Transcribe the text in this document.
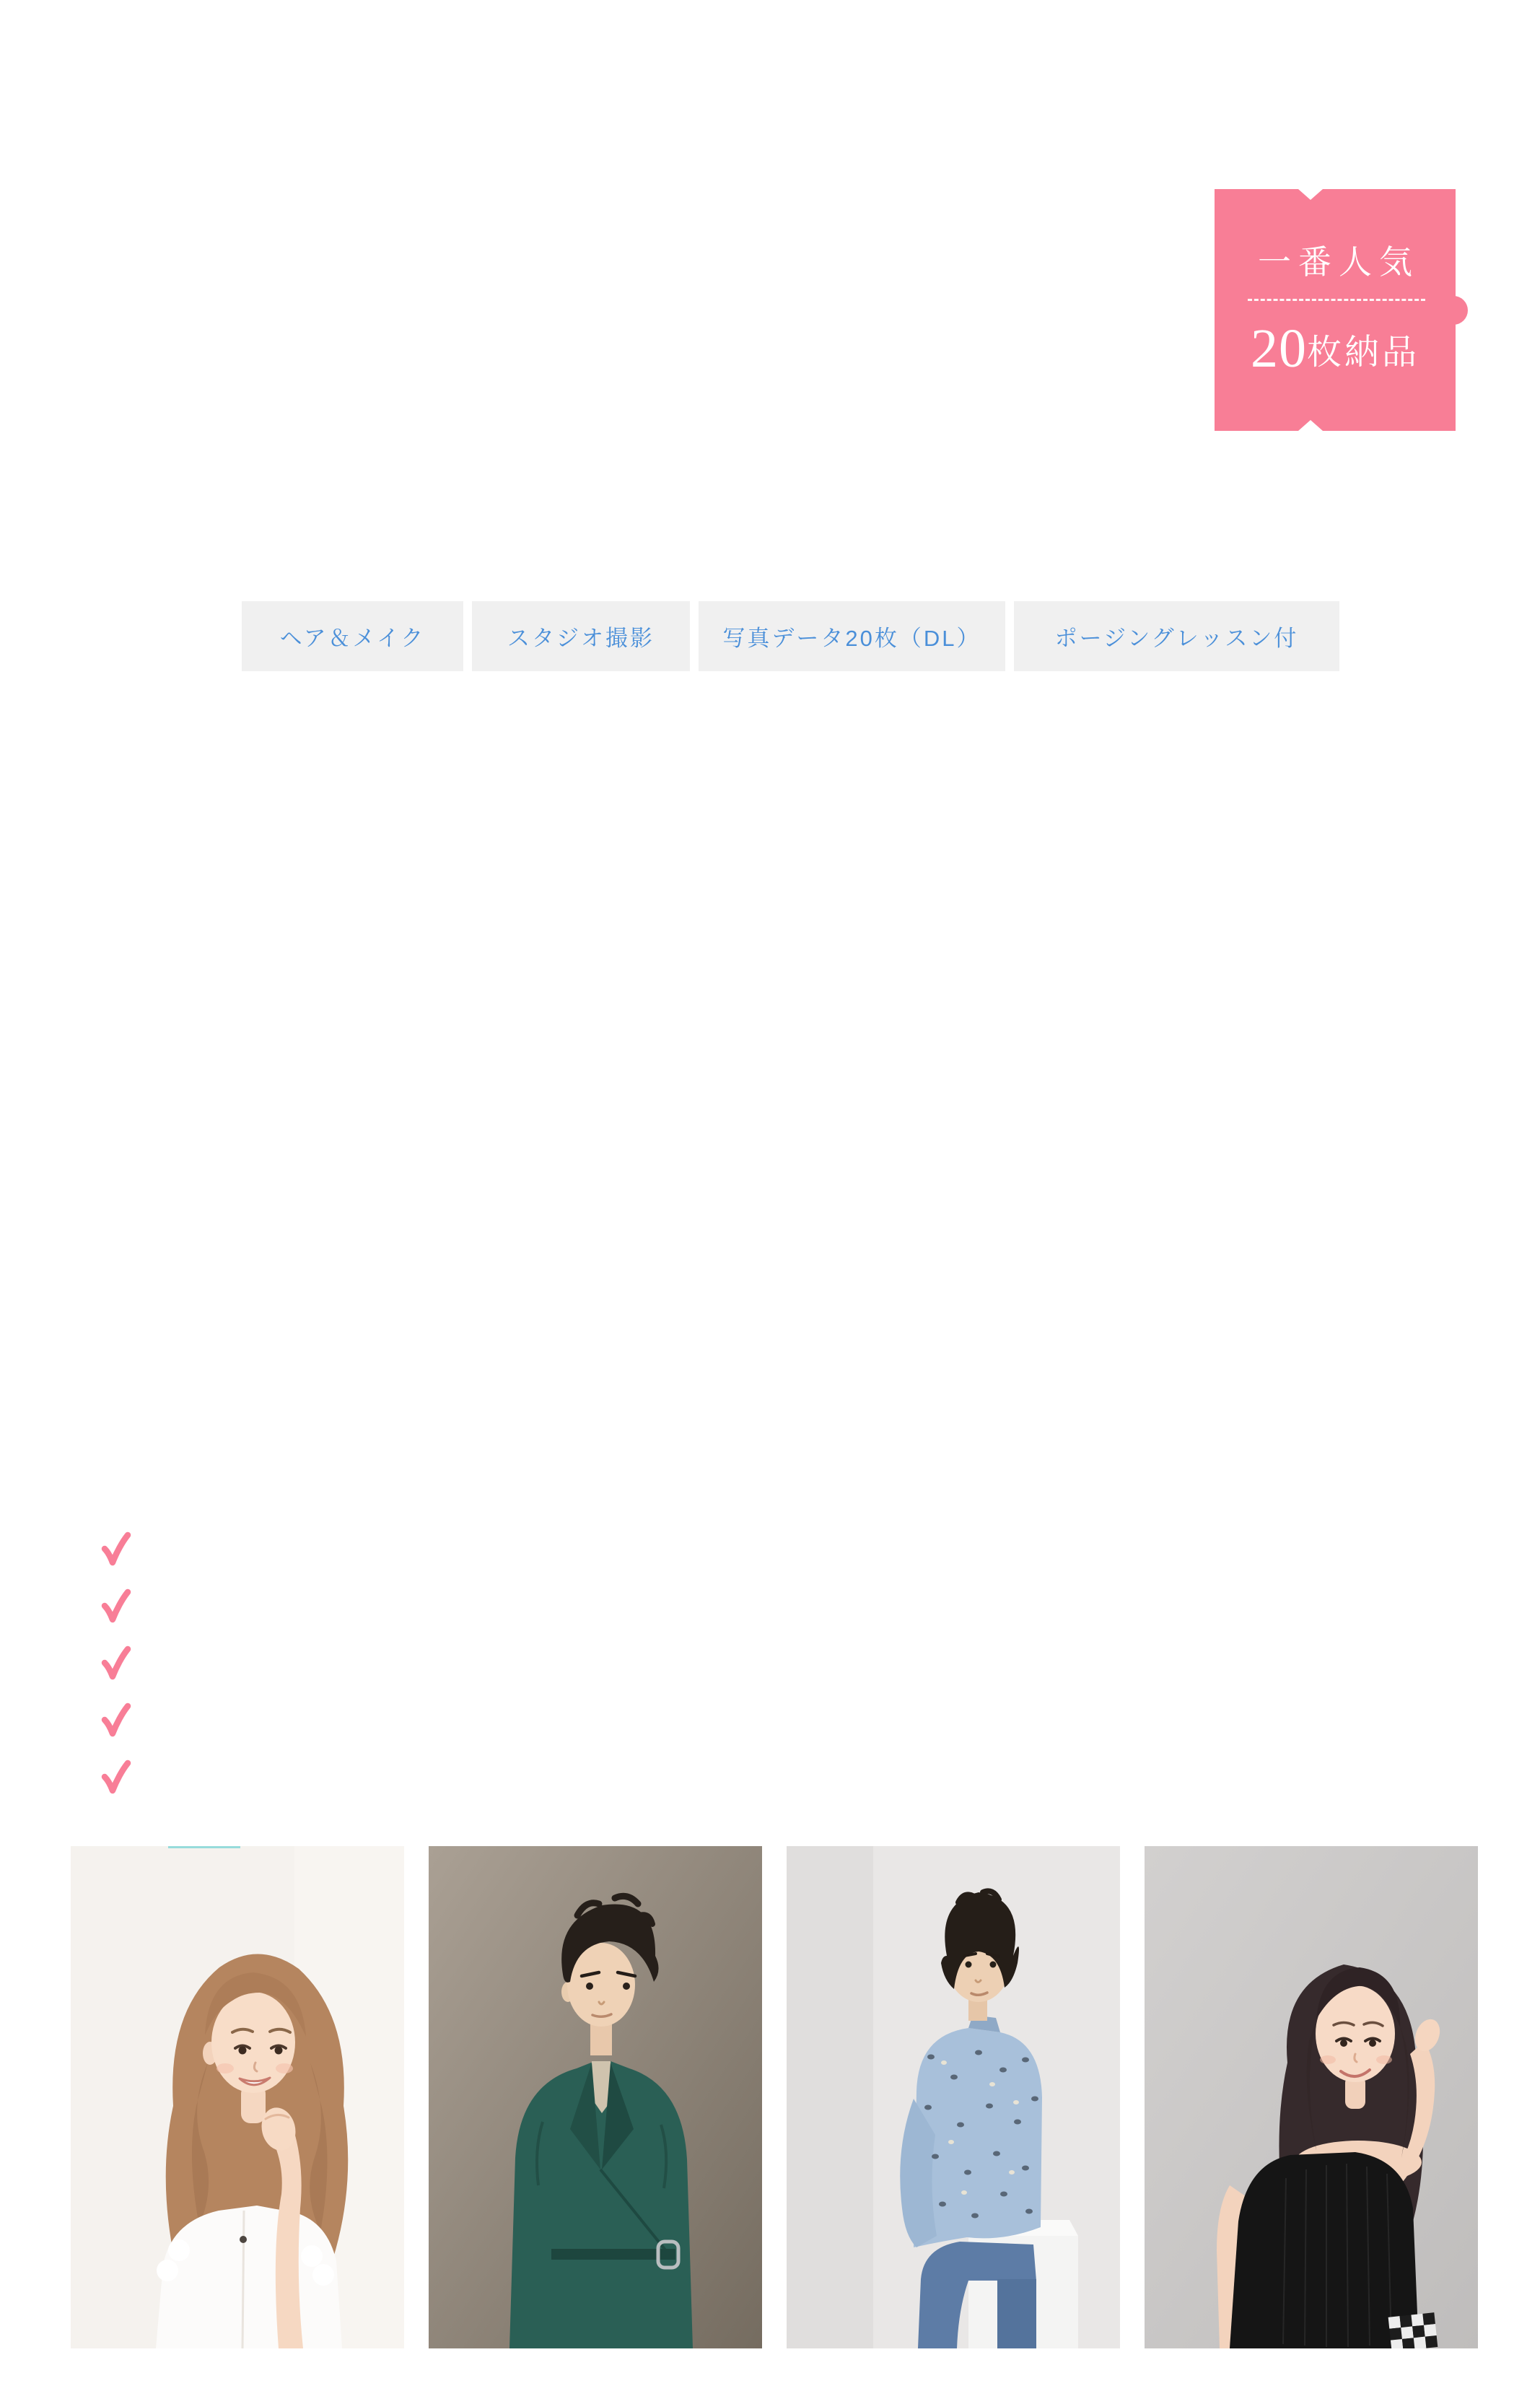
一番人気
20枚納品
ヘア＆メイク	スタジオ撮影	写真データ20枚（DL）	ポージングレッスン付
